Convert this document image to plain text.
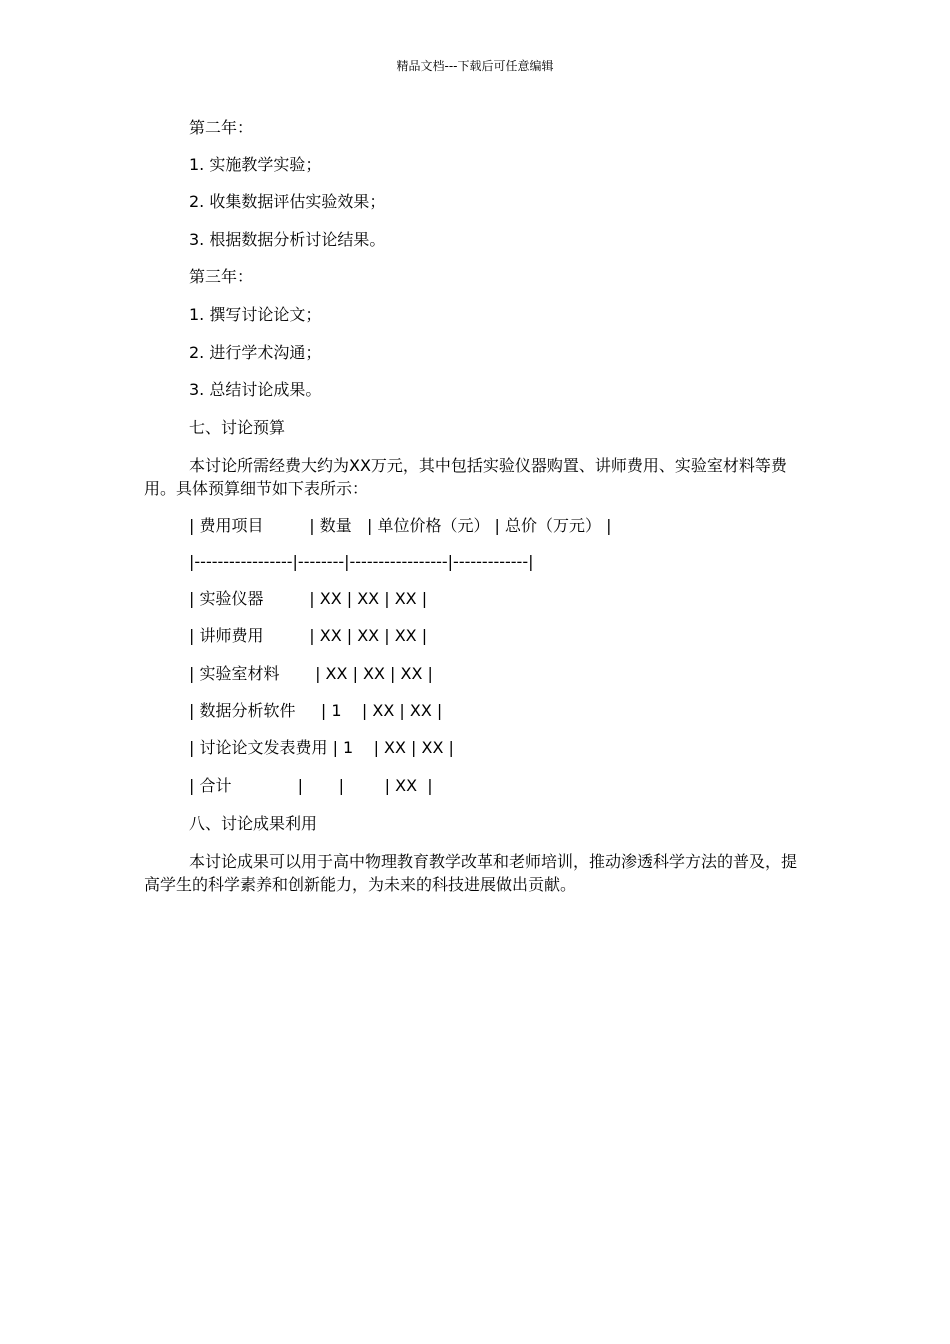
精品文档---下载后可任意编辑
第二年：
1. 实施教学实验；
2. 收集数据评估实验效果；
3. 根据数据分析讨论结果。
第三年：
1. 撰写讨论论文；
2. 进行学术沟通；
3. 总结讨论成果。
七、讨论预算
本讨论所需经费大约为XX万元，其中包括实验仪器购置、讲师费用、实验室材料等费用。具体预算细节如下表所示：
| 费用项目         | 数量   | 单位价格（元） | 总价（万元） |
|-----------------|--------|-----------------|-------------|
| 实验仪器         | XX | XX | XX |
| 讲师费用         | XX | XX | XX |
| 实验室材料       | XX | XX | XX |
| 数据分析软件     | 1    | XX | XX |
| 讨论论文发表费用 | 1    | XX | XX |
| 合计             |       |        | XX  |
八、讨论成果利用
本讨论成果可以用于高中物理教育教学改革和老师培训，推动渗透科学方法的普及，提高学生的科学素养和创新能力，为未来的科技进展做出贡献。
